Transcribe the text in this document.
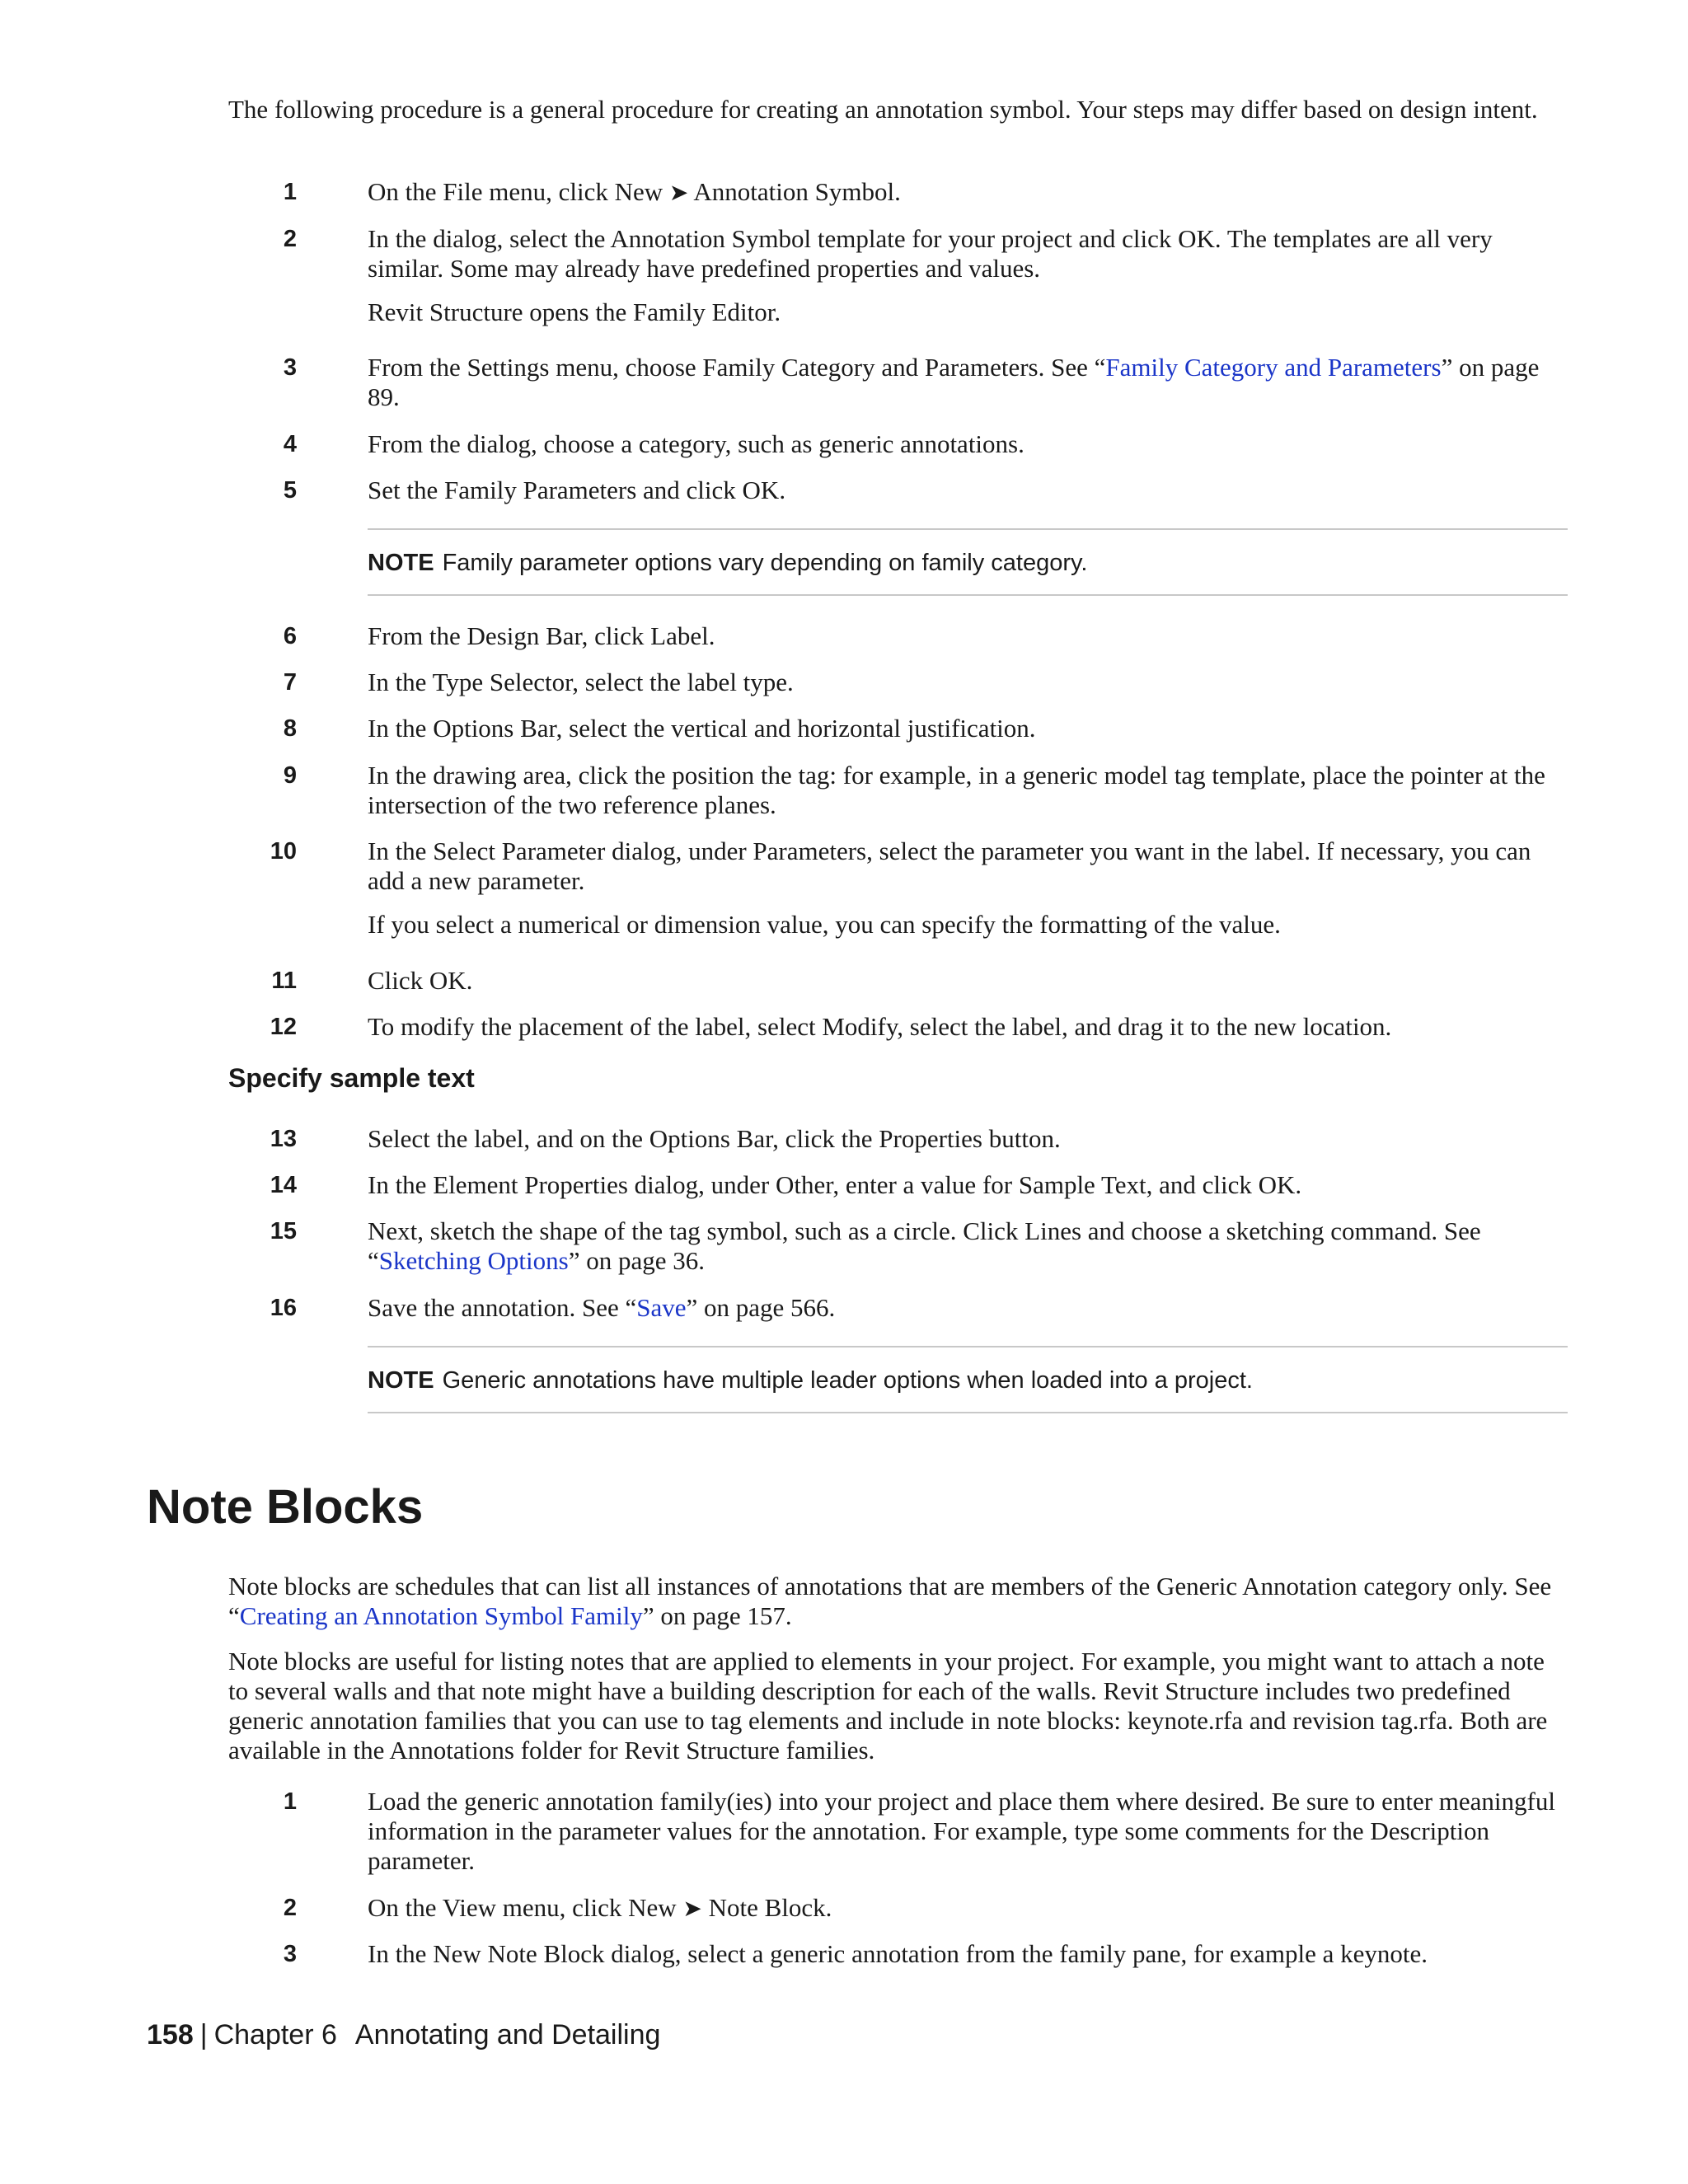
The following procedure is a general procedure for creating an annotation symbol. Your steps may differ based on design intent.

1	On the File menu, click New ➤ Annotation Symbol.
2	In the dialog, select the Annotation Symbol template for your project and click OK. The templates are all very similar. Some may already have predefined properties and values.
Revit Structure opens the Family Editor.
3	From the Settings menu, choose Family Category and Parameters. See “Family Category and Parameters” on page 89.
4	From the dialog, choose a category, such as generic annotations.
5	Set the Family Parameters and click OK.
NOTE Family parameter options vary depending on family category.
6	From the Design Bar, click Label.
7	In the Type Selector, select the label type.
8	In the Options Bar, select the vertical and horizontal justification.
9	In the drawing area, click the position the tag: for example, in a generic model tag template, place the pointer at the intersection of the two reference planes.
10	In the Select Parameter dialog, under Parameters, select the parameter you want in the label. If necessary, you can add a new parameter.
If you select a numerical or dimension value, you can specify the formatting of the value.
11	Click OK.
12	To modify the placement of the label, select Modify, select the label, and drag it to the new location.
Specify sample text
13	Select the label, and on the Options Bar, click the Properties button.
14	In the Element Properties dialog, under Other, enter a value for Sample Text, and click OK.
15	Next, sketch the shape of the tag symbol, such as a circle. Click Lines and choose a sketching command. See “Sketching Options” on page 36.
16	Save the annotation. See “Save” on page 566.
NOTE Generic annotations have multiple leader options when loaded into a project.
Note Blocks

Note blocks are schedules that can list all instances of annotations that are members of the Generic Annotation category only. See “Creating an Annotation Symbol Family” on page 157.

Note blocks are useful for listing notes that are applied to elements in your project. For example, you might want to attach a note to several walls and that note might have a building description for each of the walls. Revit Structure includes two predefined generic annotation families that you can use to tag elements and include in note blocks: keynote.rfa and revision tag.rfa. Both are available in the Annotations folder for Revit Structure families.

1	Load the generic annotation family(ies) into your project and place them where desired. Be sure to enter meaningful information in the parameter values for the annotation. For example, type some comments for the Description parameter.
2	On the View menu, click New ➤ Note Block.
3	In the New Note Block dialog, select a generic annotation from the family pane, for example a keynote.
158 | Chapter 6 Annotating and Detailing
